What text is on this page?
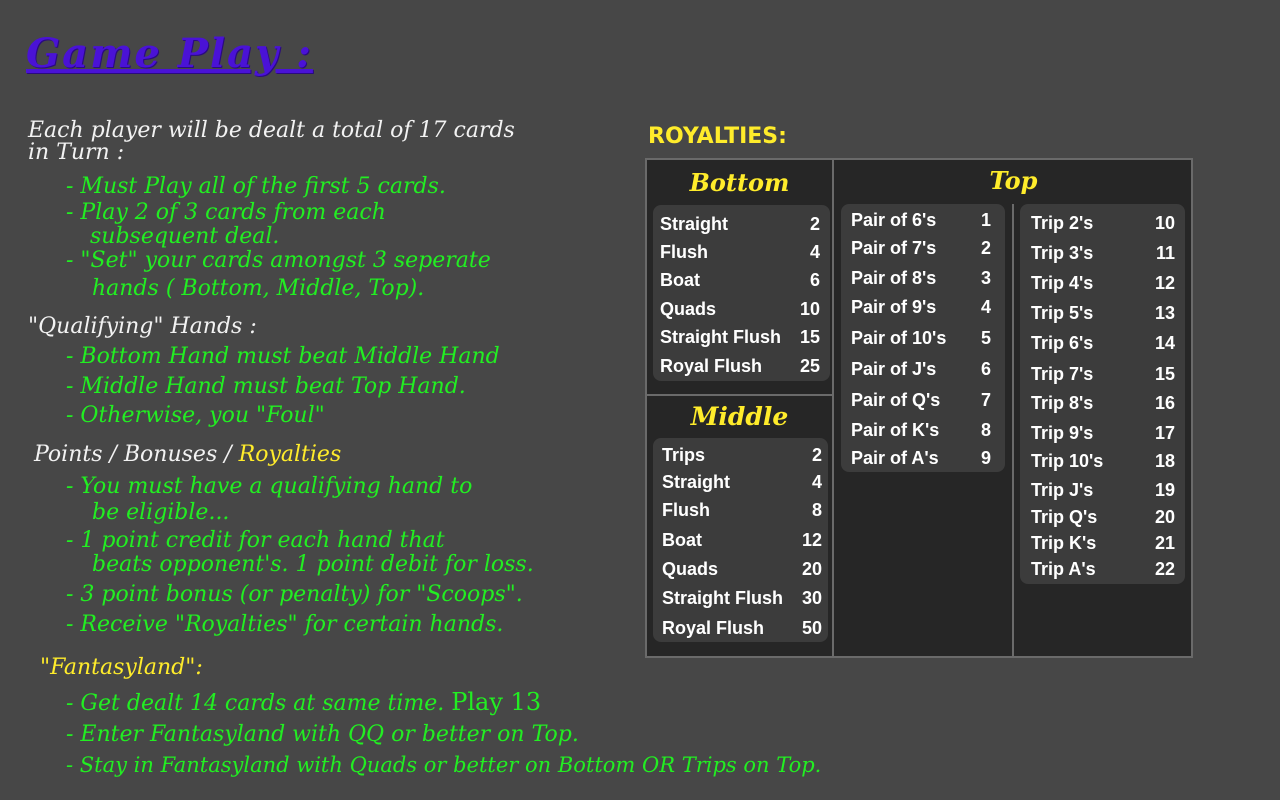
Game Play :
Each player will be dealt a total of 17 cards
in Turn :
- Must Play all of the first 5 cards.
- Play 2 of 3 cards from each
subsequent deal.
- "Set" your cards amongst 3 seperate
hands ( Bottom, Middle, Top).
"Qualifying" Hands :
- Bottom Hand must beat Middle Hand
- Middle Hand must beat Top Hand.
- Otherwise, you "Foul"
Points / Bonuses / Royalties
- You must have a qualifying hand to
be eligible...
- 1 point credit for each hand that
beats opponent's. 1 point debit for loss.
- 3 point bonus (or penalty) for "Scoops".
- Receive "Royalties" for certain hands.
"Fantasyland":
- Get dealt 14 cards at same time. Play 13
- Enter Fantasyland with QQ or better on Top.
- Stay in Fantasyland with Quads or better on Bottom OR Trips on Top.
ROYALTIES:
Bottom
Straight	2
Flush	4
Boat	6
Quads	10
Straight Flush 15
Royal Flush 25
Middle
Trips	2
Straight	4
Flush	8
Boat	12
Quads	20
Straight Flush 30
Royal Flush 50
Top
Pair of 6's 1
Pair of 7's 2
Pair of 8's 3
Pair of 9's 4
Pair of 10's 5
Pair of J's 6
Pair of Q's 7
Pair of K's 8
Pair of A's 9
Trip 2's	10
Trip 3's	11
Trip 4's	12
Trip 5's	13
Trip 6's	14
Trip 7's	15
Trip 8's	16
Trip 9's	17
Trip 10's	18
Trip J's	19
Trip Q's	20
Trip K's	21
Trip A's	22
